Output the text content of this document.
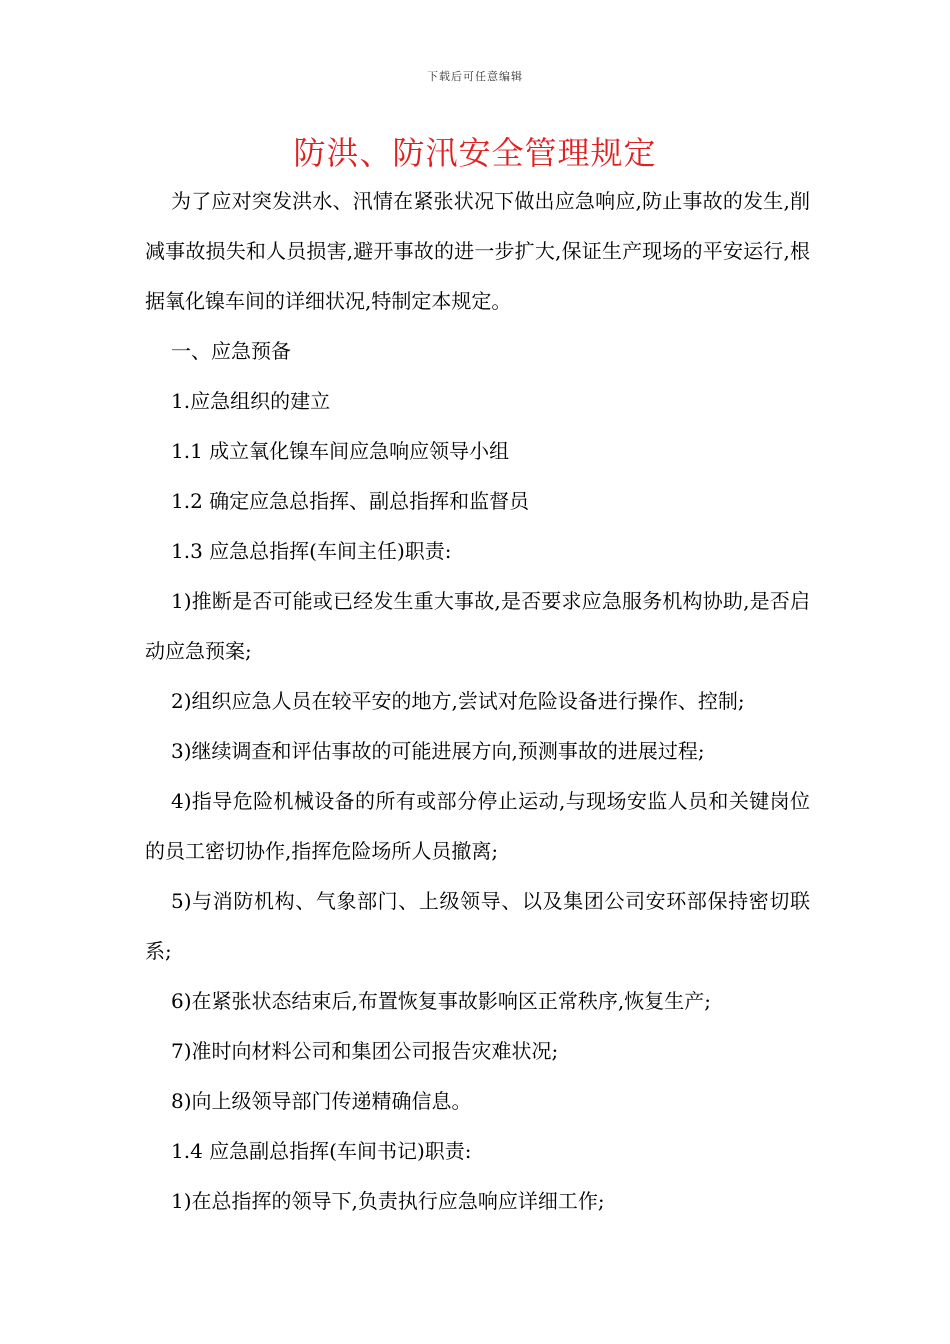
下载后可任意编辑
防洪、防汛安全管理规定

为了应对突发洪水、汛情在紧张状况下做出应急响应,防止事故的发生,削减事故损失和人员损害,避开事故的进一步扩大,保证生产现场的平安运行,根据氧化镍车间的详细状况,特制定本规定。

一、应急预备

1.应急组织的建立

1.1 成立氧化镍车间应急响应领导小组

1.2 确定应急总指挥、副总指挥和监督员

1.3 应急总指挥(车间主任)职责:

1)推断是否可能或已经发生重大事故,是否要求应急服务机构协助,是否启动应急预案;

2)组织应急人员在较平安的地方,尝试对危险设备进行操作、控制;

3)继续调查和评估事故的可能进展方向,预测事故的进展过程;

4)指导危险机械设备的所有或部分停止运动,与现场安监人员和关键岗位的员工密切协作,指挥危险场所人员撤离;

5)与消防机构、气象部门、上级领导、以及集团公司安环部保持密切联系;

6)在紧张状态结束后,布置恢复事故影响区正常秩序,恢复生产;

7)准时向材料公司和集团公司报告灾难状况;

8)向上级领导部门传递精确信息。

1.4 应急副总指挥(车间书记)职责:

1)在总指挥的领导下,负责执行应急响应详细工作;
